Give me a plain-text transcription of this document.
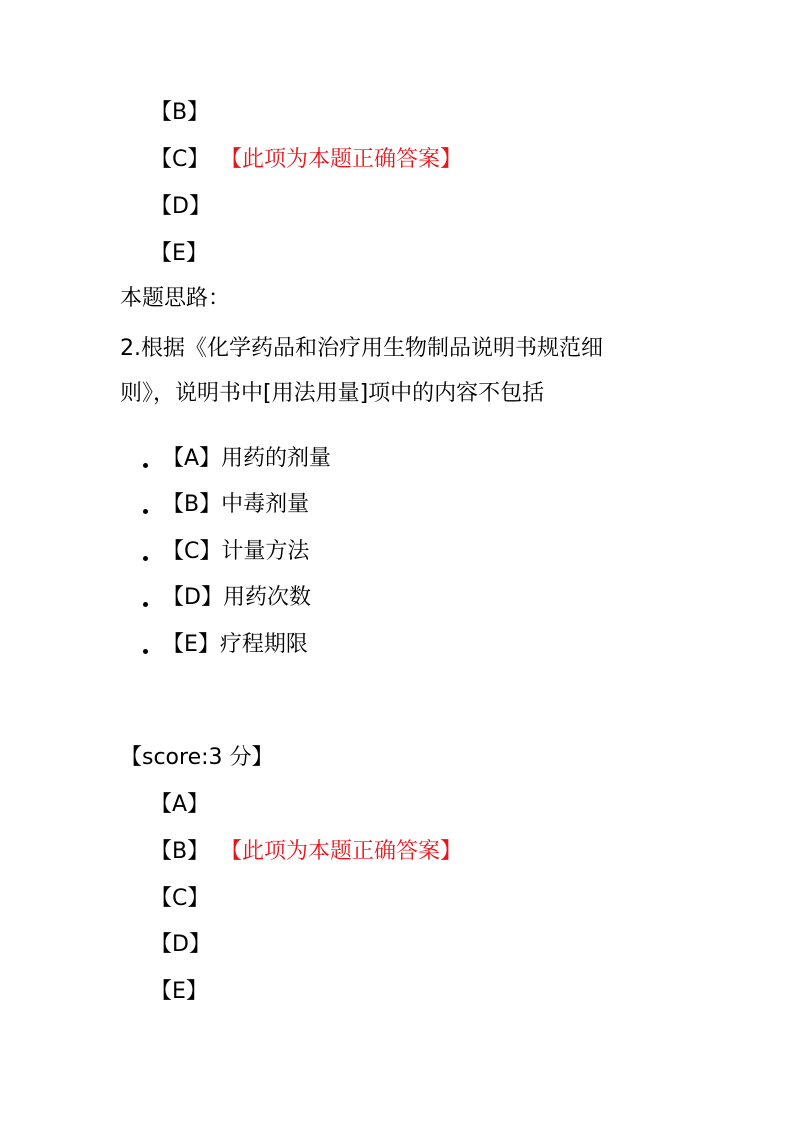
【B】
【C】 【此项为本题正确答案】
【D】
【E】
本题思路：
2.根据《化学药品和治疗用生物制品说明书规范细
则》，说明书中[用法用量]项中的内容不包括
【A】用药的剂量
【B】中毒剂量
【C】计量方法
【D】用药次数
【E】疗程期限
【score:3 分】
【A】
【B】 【此项为本题正确答案】
【C】
【D】
【E】
